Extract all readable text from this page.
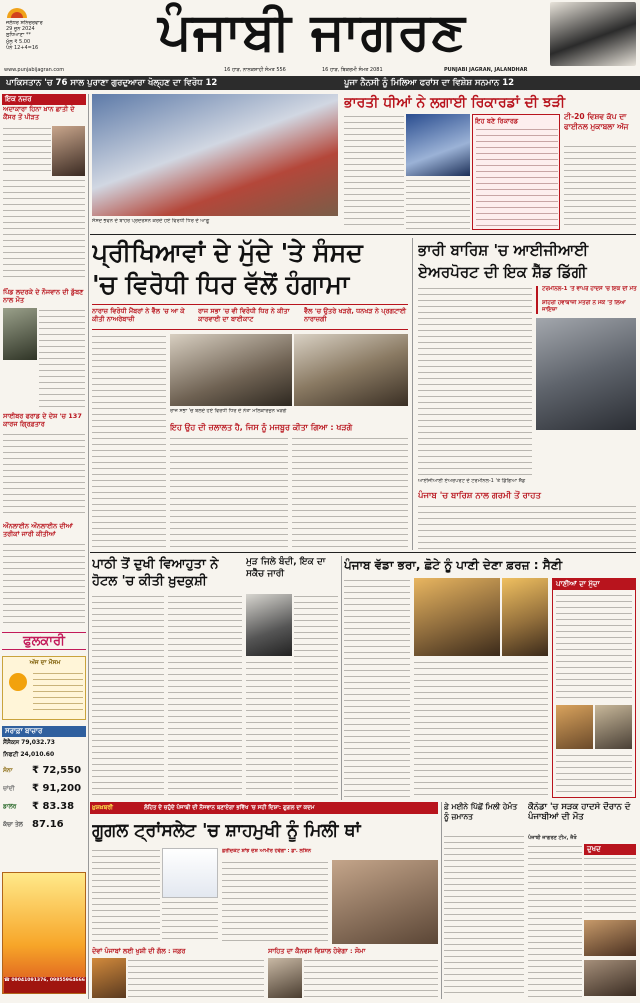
ਜਲੰਧਰ ਸ਼ਨਿਚਰਵਾਰ
29 ਜੂਨ 2024
ਲੁਧਿਆਣਾ **
ਮੁੱਲ ₹ 5.00
ਪੰਨੇ 12+4=16	ਪੰਜਾਬੀ ਜਾਗਰਣ
www.punjabijagran.com	16 ਹਾੜ, ਨਾਨਕਸ਼ਾਹੀ ਸੰਮਤ 556	16 ਹਾੜ, ਬਿਕਰਮੀ ਸੰਮਤ 2081	PUNJABI JAGRAN, JALANDHAR
ਪਾਕਿਸਤਾਨ 'ਚ 76 ਸਾਲ ਪੁਰਾਣਾ ਗੁਰਦੁਆਰਾ ਖੋਲ੍ਹਣ ਦਾ ਵਿਰੋਧ 12	ਪੂਜਾ ਨੈਨਸੀ ਨੂੰ ਮਿਲਿਆ ਫਰਾਂਸ ਦਾ ਵਿਸ਼ੇਸ਼ ਸਨਮਾਨ 12
ਇਕ ਨਜ਼ਰ
ਅਦਾਕਾਰਾ ਹਿਨਾ ਖ਼ਾਨ ਛਾਤੀ ਦੇ ਕੈਂਸਰ ਤੋਂ ਪੀੜਤ
ਪਿੰਡ ਲਦਰਕੇ ਦੇ ਨੌਜਵਾਨ ਦੀ ਡੁੱਬਣ ਨਾਲ ਮੌਤ
ਸਾਈਬਰ ਫਰਾਡ ਦੇ ਦੇਸ਼ 'ਚ 137 ਕਾਰਜ ਗ੍ਰਿਫ਼ਤਾਰ
ਔਨਲਾਈਨ ਔਨਲਾਈਨ ਦੀਆਂ ਤਰੀਕਾਂ ਜਾਰੀ ਕੀਤੀਆਂ
ਫੁਲਕਾਰੀ
ਅੱਜ ਦਾ ਮੌਸਮ
ਸਰਾਫ਼ਾ ਬਾਜ਼ਾਰ
ਸੈਂਸੈਕਸ 79,032.73
ਨਿਫਟੀ 24,010.60
ਸੋਨਾ	₹ 72,550
ਚਾਂਦੀ	₹ 91,200
ਡਾਲਰ	₹ 83.38
ਕੱਚਾ ਤੇਲ 87.16
☎ 09041091376, 09855964666
ਸੰਸਦ ਭਵਨ ਦੇ ਬਾਹਰ ਪ੍ਰਦਰਸ਼ਨ ਕਰਦੇ ਹੋਏ ਵਿਰੋਧੀ ਧਿਰ ਦੇ ਆਗੂ
ਭਾਰਤੀ ਧੀਆਂ ਨੇ ਲਗਾਈ ਰਿਕਾਰਡਾਂ ਦੀ ਝੜੀ
ਇਹ ਬਣੇ ਰਿਕਾਰਡ	ਟੀ-20 ਵਿਸ਼ਵ ਕੱਪ ਦਾ ਫਾਈਨਲ ਮੁਕਾਬਲਾ ਅੱਜ
ਪ੍ਰੀਖਿਆਵਾਂ ਦੇ ਮੁੱਦੇ 'ਤੇ ਸੰਸਦ
'ਚ ਵਿਰੋਧੀ ਧਿਰ ਵੱਲੋਂ ਹੰਗਾਮਾ
ਨਾਰਾਜ਼ ਵਿਰੋਧੀ ਮੈਂਬਰਾਂ ਨੇ ਵੈੱਲ 'ਚ ਆ ਕੇ ਕੀਤੀ ਨਾਅਰੇਬਾਜ਼ੀ
ਰਾਜ ਸਭਾ 'ਚ ਵੀ ਵਿਰੋਧੀ ਧਿਰ ਨੇ ਕੀਤਾ ਕਾਰਵਾਈ ਦਾ ਬਾਈਕਾਟ
ਵੈੱਲ 'ਚ ਉਤਰੇ ਖੜਗੇ, ਧਨਖੜ ਨੇ ਪ੍ਰਗਟਾਈ ਨਾਰਾਜ਼ਗੀ
ਰਾਜ ਸਭਾ 'ਚ ਬੋਲਦੇ ਹੋਏ ਵਿਰੋਧੀ ਧਿਰ ਦੇ ਨੇਤਾ ਮਲਿਕਾਰਜੁਨ ਖੜਗੇ
ਇਹ ਉਹ ਦੀ ਜ਼ਲਾਲਤ ਹੈ, ਜਿਸ ਨੂੰ ਮਜਬੂਰ ਕੀਤਾ ਗਿਆ : ਖੜਗੇ
ਭਾਰੀ ਬਾਰਿਸ਼ 'ਚ ਆਈਜੀਆਈ
ਏਅਰਪੋਰਟ ਦੀ ਇਕ ਸ਼ੈੱਡ ਡਿੱਗੀ
ਟਰਮੀਨਲ-1 'ਤੇ ਵਾਪਰੇ ਹਾਦਸੇ 'ਚ ਇਕ ਦੀ ਮੌਤ
ਸ਼ਹਿਰੀ ਹਵਾਬਾਜ਼ੀ ਮੰਤਰੀ ਨੇ ਮੌਕੇ 'ਤੇ ਲਿਆ ਜਾਇਜ਼ਾ
ਆਈਜੀਆਈ ਏਅਰਪੋਰਟ ਦੇ ਟਰਮੀਨਲ-1 'ਤੇ ਡਿੱਗਿਆ ਸ਼ੈੱਡ
ਪੰਜਾਬ 'ਚ ਬਾਰਿਸ਼ ਨਾਲ ਗਰਮੀ ਤੋਂ ਰਾਹਤ
ਪਾਠੀ ਤੋਂ ਦੁਖੀ ਵਿਆਹੁਤਾ ਨੇ ਹੋਟਲ 'ਚ ਕੀਤੀ ਖ਼ੁਦਕੁਸ਼ੀ
ਮੁੜ ਜਿਲੇ ਬੰਦੀ, ਇਕ ਦਾ ਸਕੈੱਚ ਜਾਰੀ
ਪੰਜਾਬ ਵੱਡਾ ਭਰਾ, ਛੋਟੇ ਨੂੰ ਪਾਣੀ ਦੇਣਾ ਫ਼ਰਜ਼ : ਸੈਣੀ
ਪਾਣੀਆਂ ਦਾ ਮੁੱਦਾ
ਖ਼ੁਸ਼ਖ਼ਬਰੀ	ਲੋਹਿਤ ਦੇ ਚਹੁੰਦੇ ਪੰਜਾਬੀ ਦੀ ਨੌਜਵਾਨ ਬਣਾਏਗਾ ਭਵਿੱਖ 'ਚ ਸਹੀ ਦਿਸ਼ਾ: ਗੂਗਲ ਦਾ ਕਦਮ
ਗੂਗਲ ਟ੍ਰਾਂਸਲੇਟ 'ਚ ਸ਼ਾਹਮੁਖੀ ਨੂੰ ਮਿਲੀ ਥਾਂ
ਫ਼ਰੀਦਕੋਟ ਸ਼ਾਂਝ ਦੋਸ਼ ਆਮੀਰ ਹੋਵੇਗਾ : ਡਾ. ਲਸ਼ਿਨ
ਦੋਵਾਂ ਪੰਜਾਬਾਂ ਲਈ ਖੁਸ਼ੀ ਦੀ ਗੱਲ : ਜਫ਼ਰ	ਸਾਹਿਤ ਦਾ ਕੈਨਵਸ ਵਿਸ਼ਾਲ ਹੋਵੇਗਾ : ਸੋਮਾ
ਫ਼ੇ ਮਈਨੇ ਪਿੱਛੋਂ ਮਿਲੀ ਹੇਮੰਤ ਨੂੰ ਜ਼ਮਾਨਤ
ਕੈਨੇਡਾ 'ਚ ਸੜਕ ਹਾਦਸੇ ਦੌਰਾਨ ਦੋ ਪੰਜਾਬੀਆਂ ਦੀ ਮੌਤ
ਪੰਜਾਬੀ ਜਾਗਰਣ ਟੀਮ, ਜੈਤੋ
ਦੁਖਦ
